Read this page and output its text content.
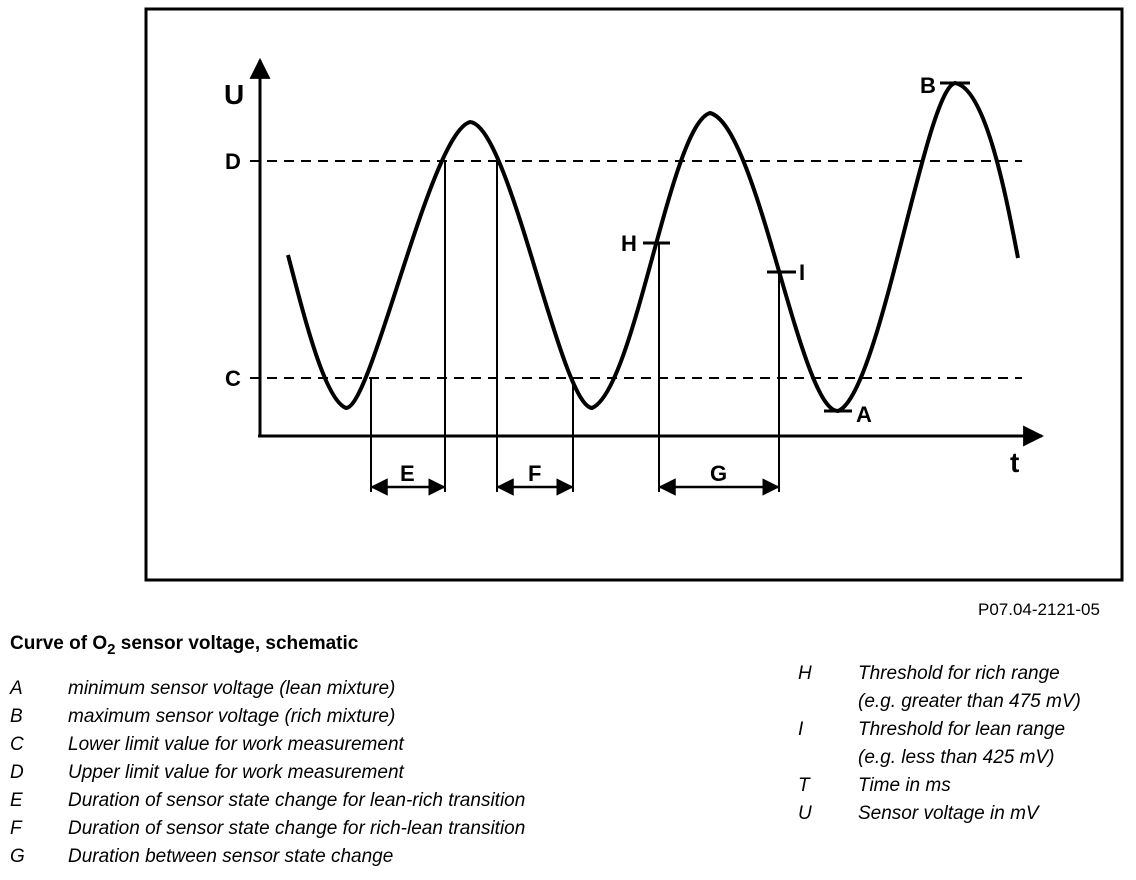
U
t
D
C
E	F	G
H
I
A
B
P07.04-2121-05
Curve of $O_2$ sensor voltage, schematic
A minimum sensor voltage (lean mixture)
B maximum sensor voltage (rich mixture)
C Lower limit value for work measurement
D Upper limit value for work measurement
E Duration of sensor state change for lean-rich transition
F Duration of sensor state change for rich-lean transition
G Duration between sensor state change
H Threshold for rich range
(e.g. greater than 475 mV)
I	Threshold for lean range
(e.g. less than 425 mV)
T	Time in ms
U Sensor voltage in mV
